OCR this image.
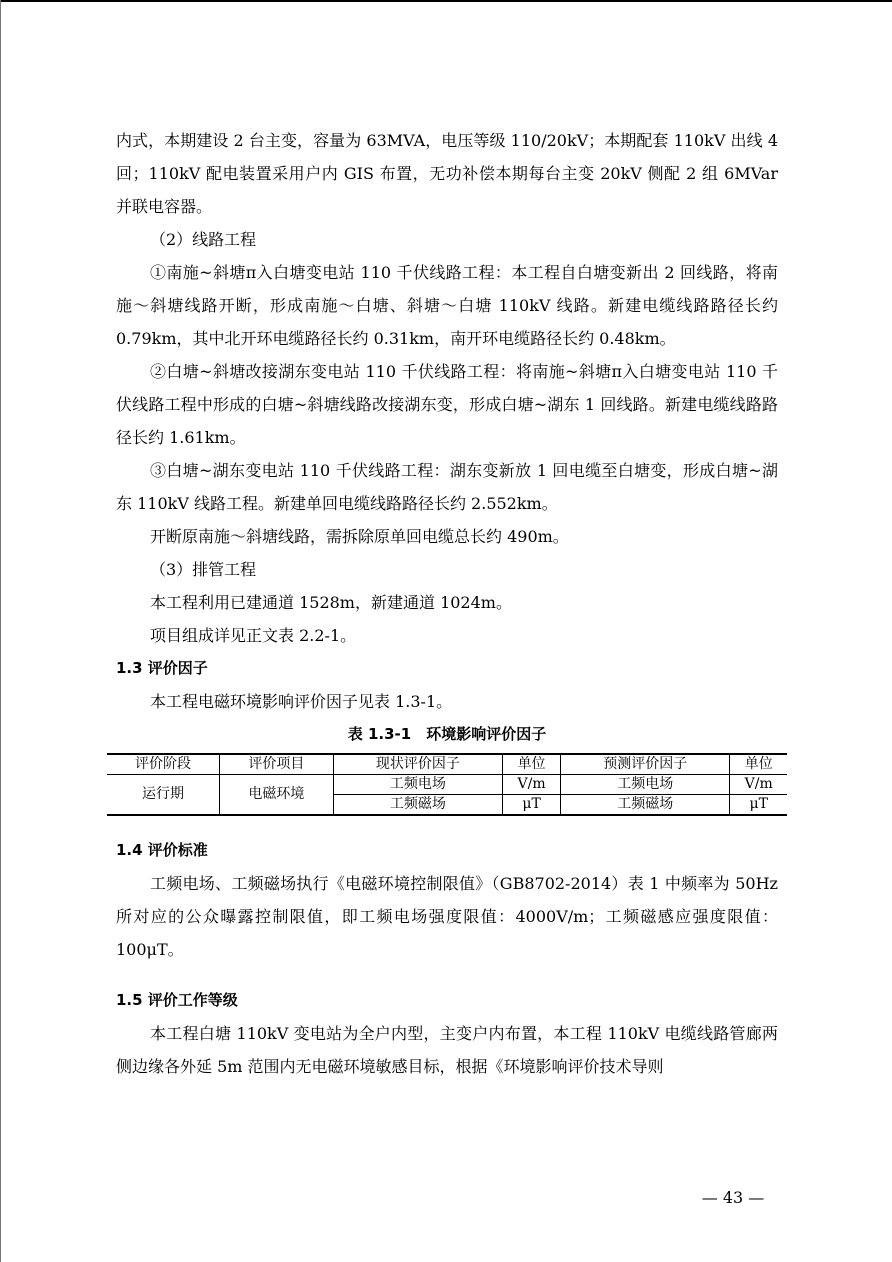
内式，本期建设 2 台主变，容量为 63MVA，电压等级 110/20kV；本期配套 110kV 出线 4 回；110kV 配电装置采用户内 GIS 布置，无功补偿本期每台主变 20kV 侧配 2 组 6MVar 并联电容器。

（2）线路工程

①南施~斜塘π入白塘变电站 110 千伏线路工程：本工程自白塘变新出 2 回线路，将南施～斜塘线路开断，形成南施～白塘、斜塘～白塘 110kV 线路。新建电缆线路路径长约 0.79km，其中北开环电缆路径长约 0.31km，南开环电缆路径长约 0.48km。

②白塘~斜塘改接湖东变电站 110 千伏线路工程：将南施~斜塘π入白塘变电站 110 千伏线路工程中形成的白塘~斜塘线路改接湖东变，形成白塘~湖东 1 回线路。新建电缆线路路径长约 1.61km。

③白塘~湖东变电站 110 千伏线路工程：湖东变新放 1 回电缆至白塘变，形成白塘~湖东 110kV 线路工程。新建单回电缆线路路径长约 2.552km。

开断原南施～斜塘线路，需拆除原单回电缆总长约 490m。

（3）排管工程

本工程利用已建通道 1528m，新建通道 1024m。

项目组成详见正文表 2.2-1。

1.3 评价因子

本工程电磁环境影响评价因子见表 1.3-1。

表 1.3-1　环境影响评价因子

评价阶段	评价项目	现状评价因子	单位	预测评价因子	单位
运行期	电磁环境	工频电场	V/m	工频电场	V/m
		工频磁场	μT	工频磁场	μT

1.4 评价标准

工频电场、工频磁场执行《电磁环境控制限值》（GB8702-2014）表 1 中频率为 50Hz 所对应的公众曝露控制限值，即工频电场强度限值：4000V/m；工频磁感应强度限值：100μT。

1.5 评价工作等级

本工程白塘 110kV 变电站为全户内型，主变户内布置，本工程 110kV 电缆线路管廊两侧边缘各外延 5m 范围内无电磁环境敏感目标，根据《环境影响评价技术导则

— 43 —
